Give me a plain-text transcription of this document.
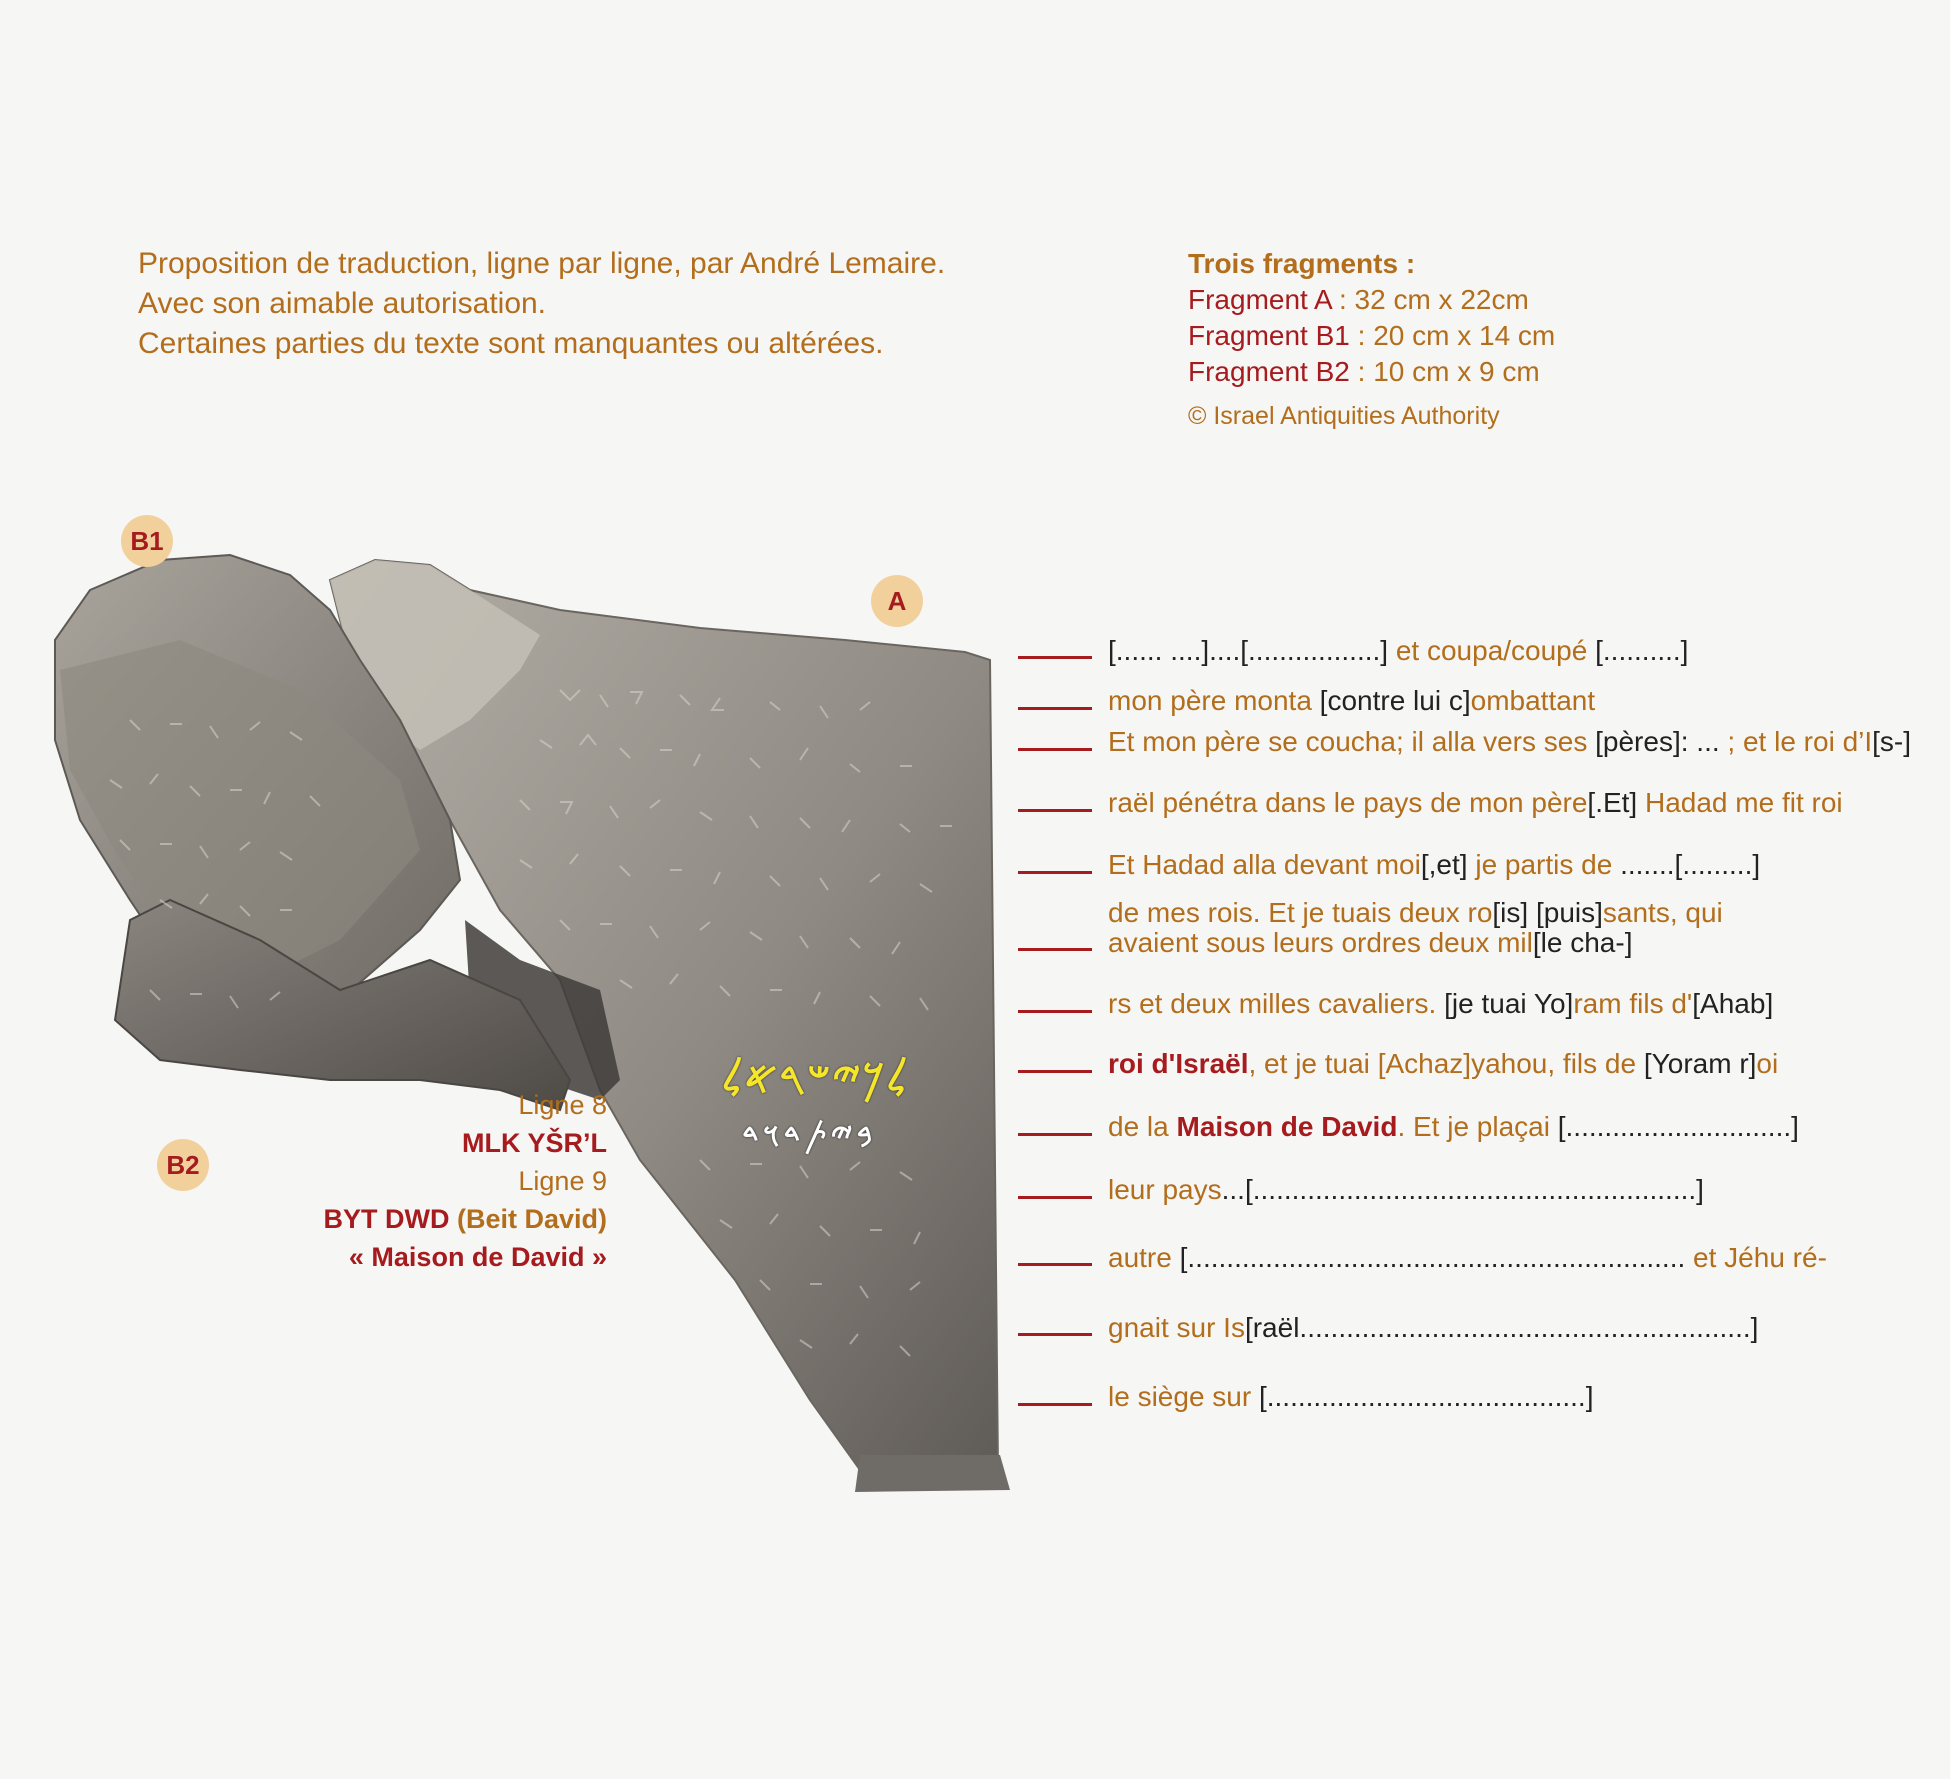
Proposition de traduction, ligne par ligne, par André Lemaire.
Avec son aimable autorisation.
Certaines parties du texte sont manquantes ou altérées.
Trois fragments :
Fragment A : 32 cm x 22cm
Fragment B1 : 20 cm x 14 cm
Fragment B2 : 10 cm x 9 cm
© Israel Antiquities Authority
𐤋𐤊𐤉𐤔𐤓𐤀𐤋
𐤁𐤉𐤕𐤃𐤅𐤃
B1
A
B2
Ligne 8
MLK YŠR’L
Ligne 9
BYT DWD (Beit David)
« Maison de David »
[...... ....]....[.................] et coupa/coupé [..........]
mon père monta [contre lui c]ombattant
Et mon père se coucha; il alla vers ses [pères]: ... ; et le roi d’I[s-]
raël pénétra dans le pays de mon père[.Et] Hadad me fit roi
Et Hadad alla devant moi[,et] je partis de .......[.........]
de mes rois. Et je tuais deux ro[is] [puis]sants, qui
avaient sous leurs ordres deux mil[le cha-]
rs et deux milles cavaliers. [je tuai Yo]ram fils d'[Ahab]
roi d'Israël, et je tuai [Achaz]yahou, fils de [Yoram r]oi
de la Maison de David. Et je plaçai [.............................]
leur pays...[.........................................................]
autre [................................................................ et Jéhu ré-
gnait sur Is[raël..........................................................]
le siège sur [.........................................]
